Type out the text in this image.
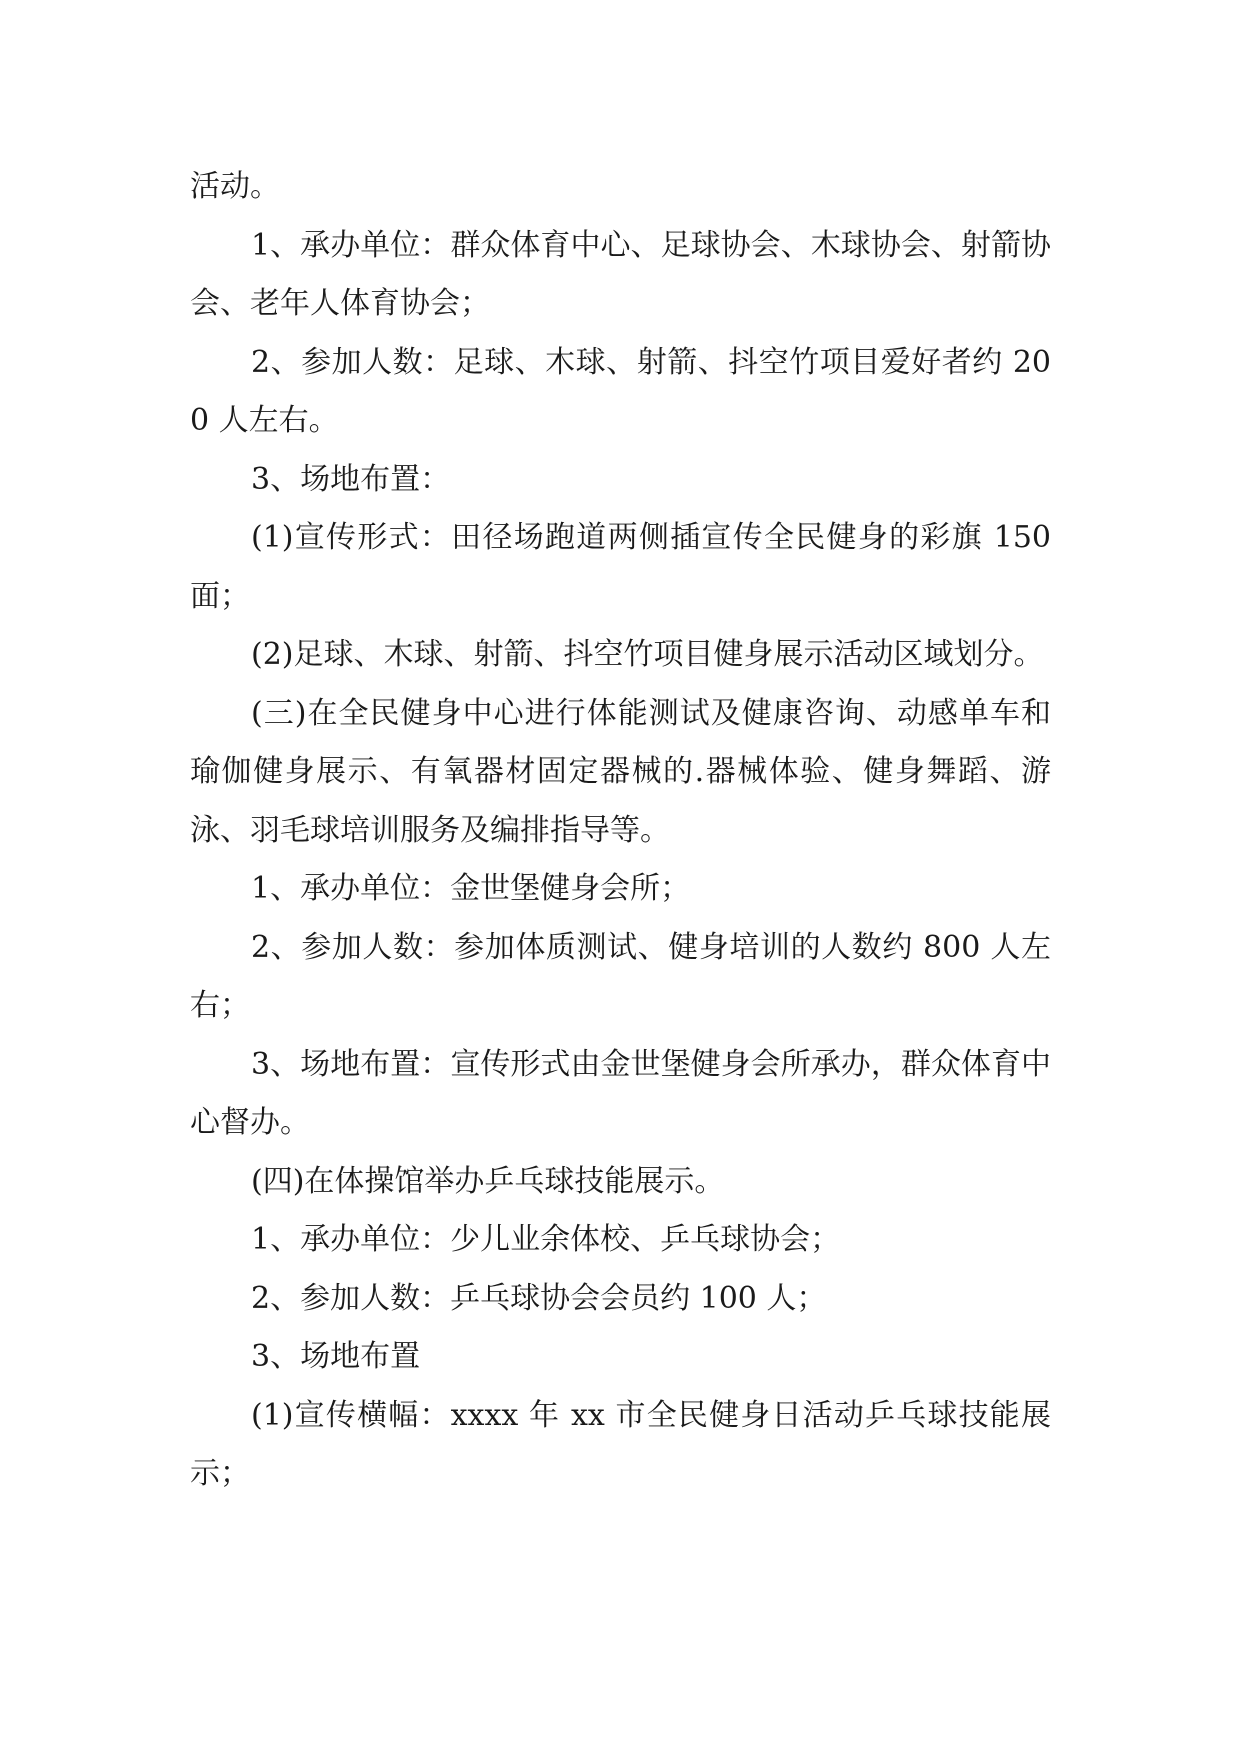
活动。

1、承办单位：群众体育中心、足球协会、木球协会、射箭协会、老年人体育协会；

2、参加人数：足球、木球、射箭、抖空竹项目爱好者约 200 人左右。

3、场地布置：

(1)宣传形式：田径场跑道两侧插宣传全民健身的彩旗 150 面；

(2)足球、木球、射箭、抖空竹项目健身展示活动区域划分。

(三)在全民健身中心进行体能测试及健康咨询、动感单车和瑜伽健身展示、有氧器材固定器械的.器械体验、健身舞蹈、游泳、羽毛球培训服务及编排指导等。

1、承办单位：金世堡健身会所；

2、参加人数：参加体质测试、健身培训的人数约 800 人左右；

3、场地布置：宣传形式由金世堡健身会所承办，群众体育中心督办。

(四)在体操馆举办乒乓球技能展示。

1、承办单位：少儿业余体校、乒乓球协会；

2、参加人数：乒乓球协会会员约 100 人；

3、场地布置

(1)宣传横幅：xxxx 年 xx 市全民健身日活动乒乓球技能展示；
